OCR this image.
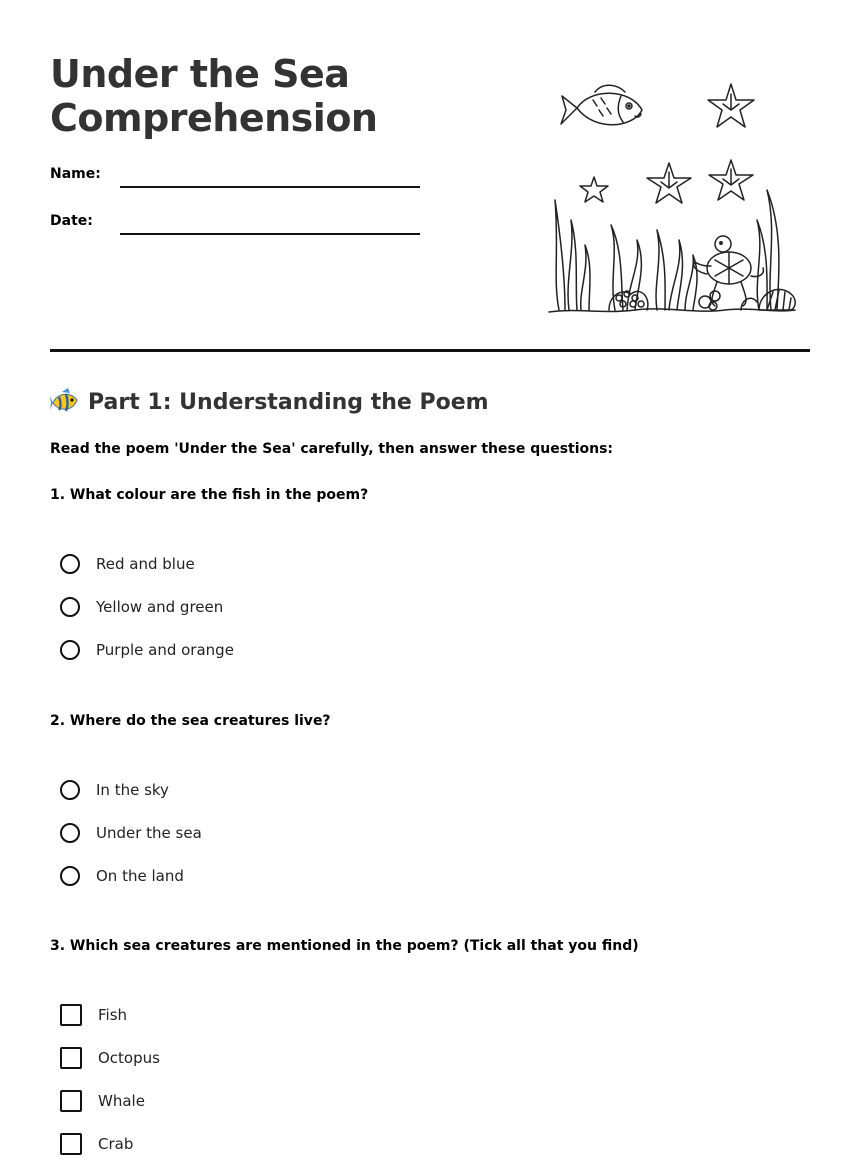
Under the Sea
Comprehension
Name:
Date:
Part 1: Understanding the Poem
Read the poem 'Under the Sea' carefully, then answer these questions:
1. What colour are the fish in the poem?
Red and blue
Yellow and green
Purple and orange
2. Where do the sea creatures live?
In the sky
Under the sea
On the land
3. Which sea creatures are mentioned in the poem? (Tick all that you find)
Fish
Octopus
Whale
Crab
